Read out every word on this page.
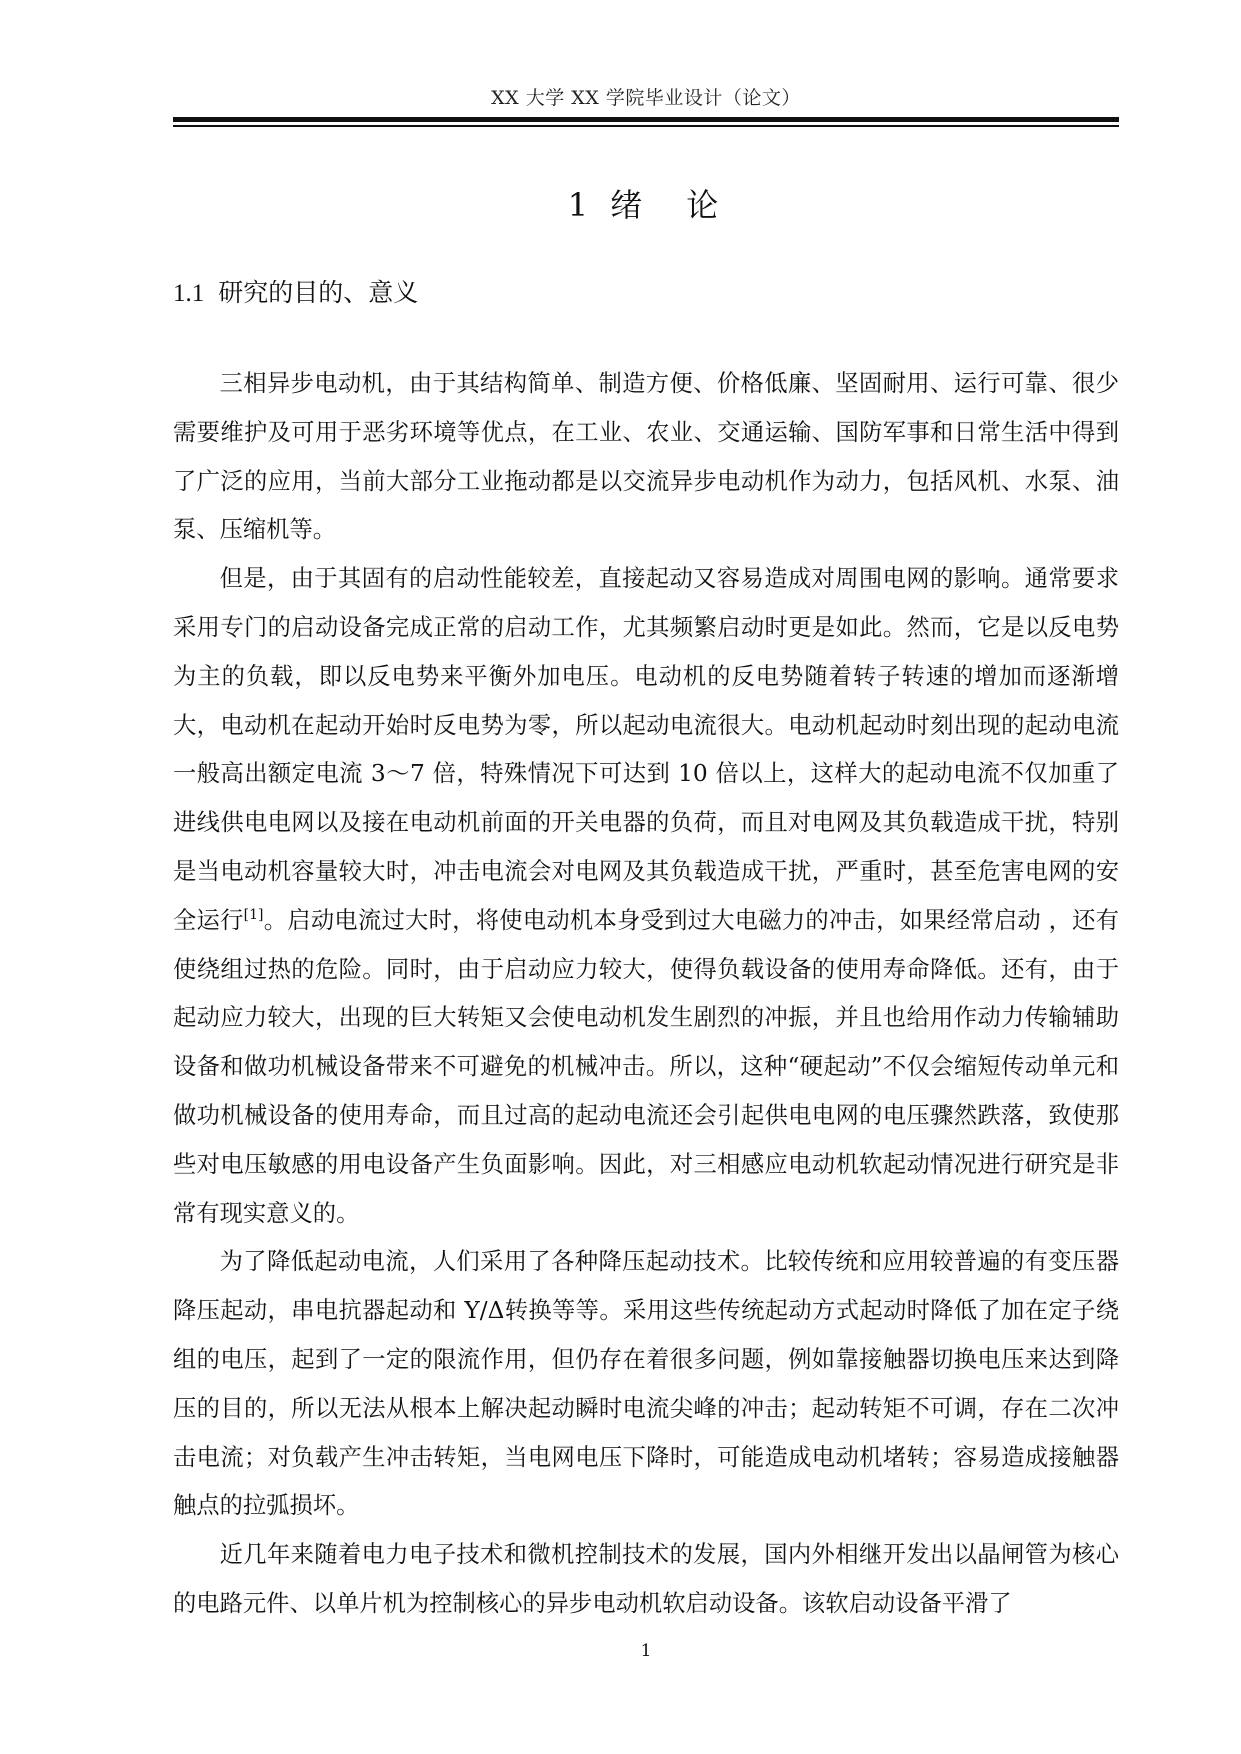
XX 大学 XX 学院毕业设计（论文）
1 绪　论
1.1 研究的目的、意义

三相异步电动机，由于其结构简单、制造方便、价格低廉、坚固耐用、运行可靠、很少需要维护及可用于恶劣环境等优点，在工业、农业、交通运输、国防军事和日常生活中得到了广泛的应用，当前大部分工业拖动都是以交流异步电动机作为动力，包括风机、水泵、油泵、压缩机等。

但是，由于其固有的启动性能较差，直接起动又容易造成对周围电网的影响。通常要求采用专门的启动设备完成正常的启动工作，尤其频繁启动时更是如此。然而，它是以反电势为主的负载，即以反电势来平衡外加电压。电动机的反电势随着转子转速的增加而逐渐增大，电动机在起动开始时反电势为零，所以起动电流很大。电动机起动时刻出现的起动电流一般高出额定电流 3～7 倍，特殊情况下可达到 10 倍以上，这样大的起动电流不仅加重了进线供电电网以及接在电动机前面的开关电器的负荷，而且对电网及其负载造成干扰，特别是当电动机容量较大时，冲击电流会对电网及其负载造成干扰，严重时，甚至危害电网的安全运行[1]。启动电流过大时，将使电动机本身受到过大电磁力的冲击，如果经常启动 ，还有使绕组过热的危险。同时，由于启动应力较大，使得负载设备的使用寿命降低。还有，由于起动应力较大，出现的巨大转矩又会使电动机发生剧烈的冲振，并且也给用作动力传输辅助设备和做功机械设备带来不可避免的机械冲击。所以，这种“硬起动”不仅会缩短传动单元和做功机械设备的使用寿命，而且过高的起动电流还会引起供电电网的电压骤然跌落，致使那些对电压敏感的用电设备产生负面影响。因此，对三相感应电动机软起动情况进行研究是非常有现实意义的。

为了降低起动电流，人们采用了各种降压起动技术。比较传统和应用较普遍的有变压器降压起动，串电抗器起动和 Y/Δ转换等等。采用这些传统起动方式起动时降低了加在定子绕组的电压，起到了一定的限流作用，但仍存在着很多问题，例如靠接触器切换电压来达到降压的目的，所以无法从根本上解决起动瞬时电流尖峰的冲击；起动转矩不可调，存在二次冲击电流；对负载产生冲击转矩，当电网电压下降时，可能造成电动机堵转；容易造成接触器触点的拉弧损坏。

近几年来随着电力电子技术和微机控制技术的发展，国内外相继开发出以晶闸管为核心的电路元件、以单片机为控制核心的异步电动机软启动设备。该软启动设备平滑了

1
